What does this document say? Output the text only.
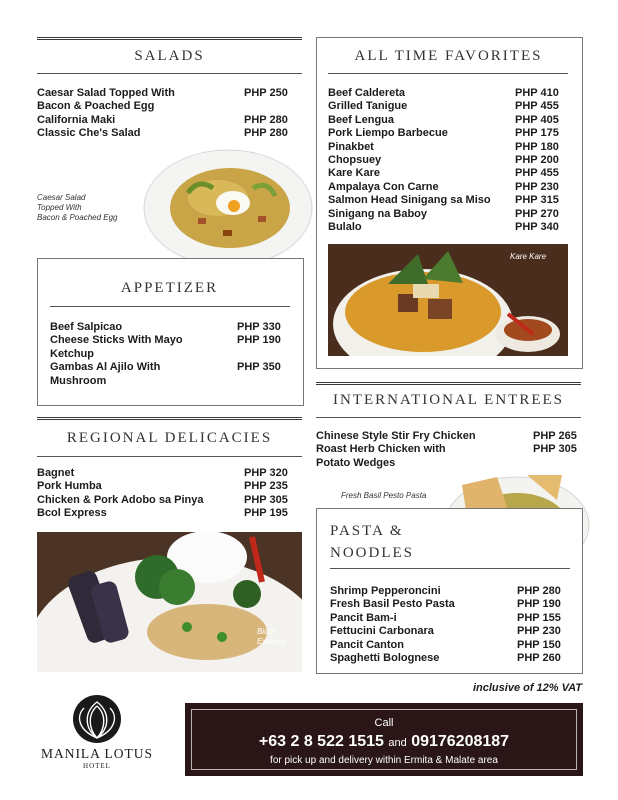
SALADS
Caesar Salad Topped With	PHP 250
Bacon & Poached Egg
California Maki	PHP 280
Classic Che's Salad	PHP 280
Caesar Salad
Topped With
Bacon & Poached Egg
APPETIZER
Beef Salpicao	PHP 330
Cheese Sticks With Mayo	PHP 190
Ketchup
Gambas Al Ajilo With	PHP 350
Mushroom
ALL TIME FAVORITES
Beef Caldereta	PHP 410
Grilled Tanigue	PHP 455
Beef Lengua	PHP 405
Pork Liempo Barbecue	PHP 175
Pinakbet	PHP 180
Chopsuey	PHP 200
Kare Kare	PHP 455
Ampalaya Con Carne	PHP 230
Salmon Head Sinigang sa Miso	PHP 315
Sinigang na Baboy	PHP 270
Bulalo	PHP 340
Kare Kare
INTERNATIONAL ENTREES
Chinese Style Stir Fry Chicken	PHP 265
Roast Herb Chicken with	PHP 305
Potato Wedges
Fresh Basil Pesto Pasta
PASTA &
NOODLES
Shrimp Pepperoncini	PHP 280
Fresh Basil Pesto Pasta	PHP 190
Pancit Bam-i	PHP 155
Fettucini Carbonara	PHP 230
Pancit Canton	PHP 150
Spaghetti Bolognese	PHP 260
REGIONAL DELICACIES
Bagnet	PHP 320
Pork Humba	PHP 235
Chicken & Pork Adobo sa Pinya	PHP 305
Bcol Express	PHP 195
Bicol
Express
inclusive of 12% VAT
MANILA LOTUS
HOTEL
Call
+63 2 8 522 1515 and 09176208187
for pick up and delivery within Ermita & Malate area
